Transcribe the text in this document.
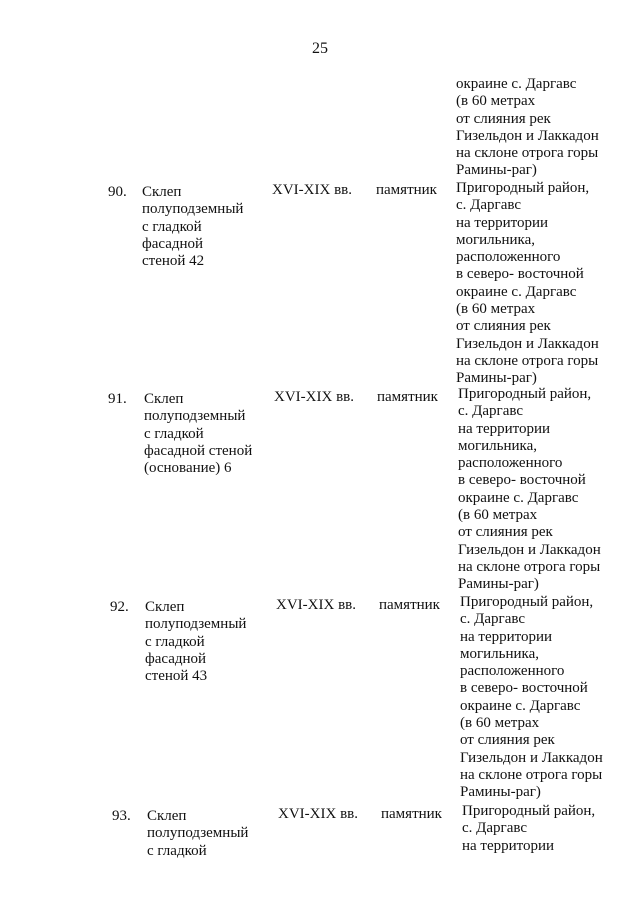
25
окраине с. Даргавс
(в 60 метрах
от слияния рек
Гизельдон и Лаккадон
на склоне отрога горы
Рамины-раг)
90. Склеп
полуподземный
с гладкой
фасадной
стеной 42
XVI-XIX вв. памятник Пригородный район,
с. Даргавс
на территории
могильника,
расположенного
в северо- восточной
окраине с. Даргавс
(в 60 метрах
от слияния рек
Гизельдон и Лаккадон
на склоне отрога горы
Рамины-раг)
91. Склеп
полуподземный
с гладкой
фасадной стеной
(основание) 6
XVI-XIX вв. памятник Пригородный район,
с. Даргавс
на территории
могильника,
расположенного
в северо- восточной
окраине с. Даргавс
(в 60 метрах
от слияния рек
Гизельдон и Лаккадон
на склоне отрога горы
Рамины-раг)
92. Склеп
полуподземный
с гладкой
фасадной
стеной 43
XVI-XIX вв. памятник Пригородный район,
с. Даргавс
на территории
могильника,
расположенного
в северо- восточной
окраине с. Даргавс
(в 60 метрах
от слияния рек
Гизельдон и Лаккадон
на склоне отрога горы
Рамины-раг)
93. Склеп
полуподземный
с гладкой
XVI-XIX вв. памятник Пригородный район,
с. Даргавс
на территории
